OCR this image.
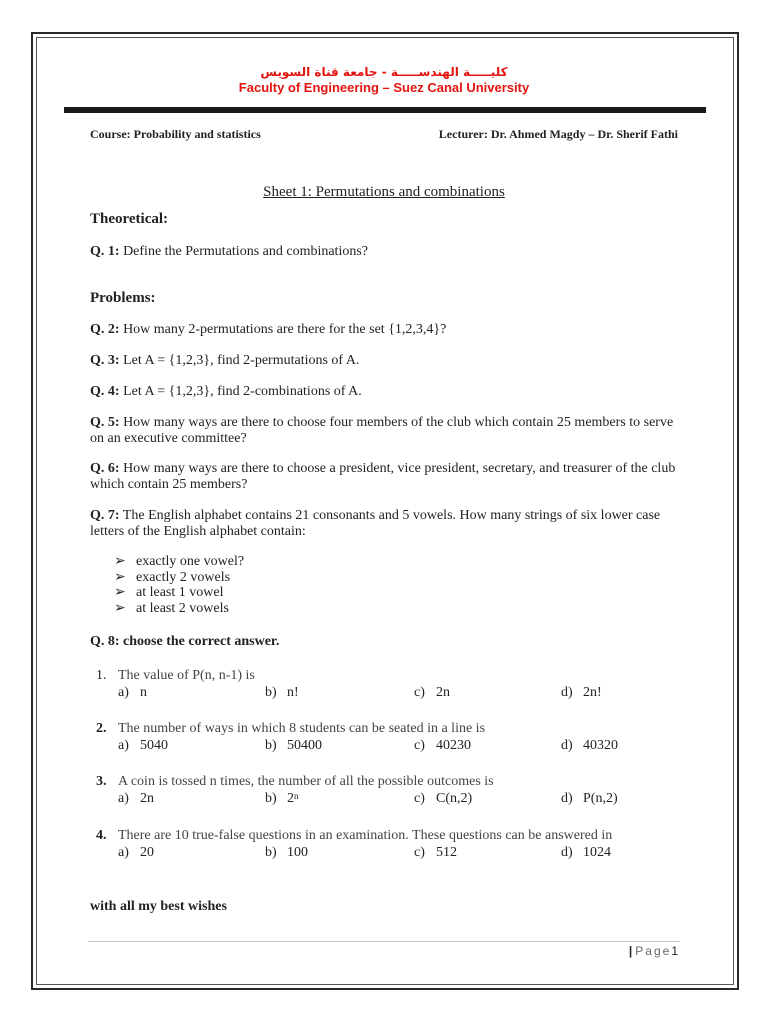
كليـــــة الهندســـــة - جامعة قناة السويس
Faculty of Engineering – Suez Canal University
Course: Probability and statistics	Lecturer: Dr. Ahmed Magdy – Dr. Sherif Fathi
Sheet 1: Permutations and combinations
Theoretical:
Q. 1: Define the Permutations and combinations?
Problems:
Q. 2: How many 2-permutations are there for the set {1,2,3,4}?
Q. 3: Let A = {1,2,3}, find 2-permutations of A.
Q. 4: Let A = {1,2,3}, find 2-combinations of A.
Q. 5: How many ways are there to choose four members of the club which contain 25 members to serve on an executive committee?
Q. 6: How many ways are there to choose a president, vice president, secretary, and treasurer of the club which contain 25 members?
Q. 7: The English alphabet contains 21 consonants and 5 vowels. How many strings of six lower case letters of the English alphabet contain:
➢ exactly one vowel?
➢ exactly 2 vowels
➢ at least 1 vowel
➢ at least 2 vowels
Q. 8: choose the correct answer.
1. The value of P(n, n-1) is
a) n	b) n!	c) 2n	d) 2n!
2. The number of ways in which 8 students can be seated in a line is
a) 5040	b) 50400	c) 40230	d) 40320
3. A coin is tossed n times, the number of all the possible outcomes is
a) 2n	b) 2 n	c) C(n,2)	d) P(n,2)
4. There are 10 true-false questions in an examination. These questions can be answered in
a) 20	b) 100	c) 512	d) 1024
with all my best wishes
| Page1
